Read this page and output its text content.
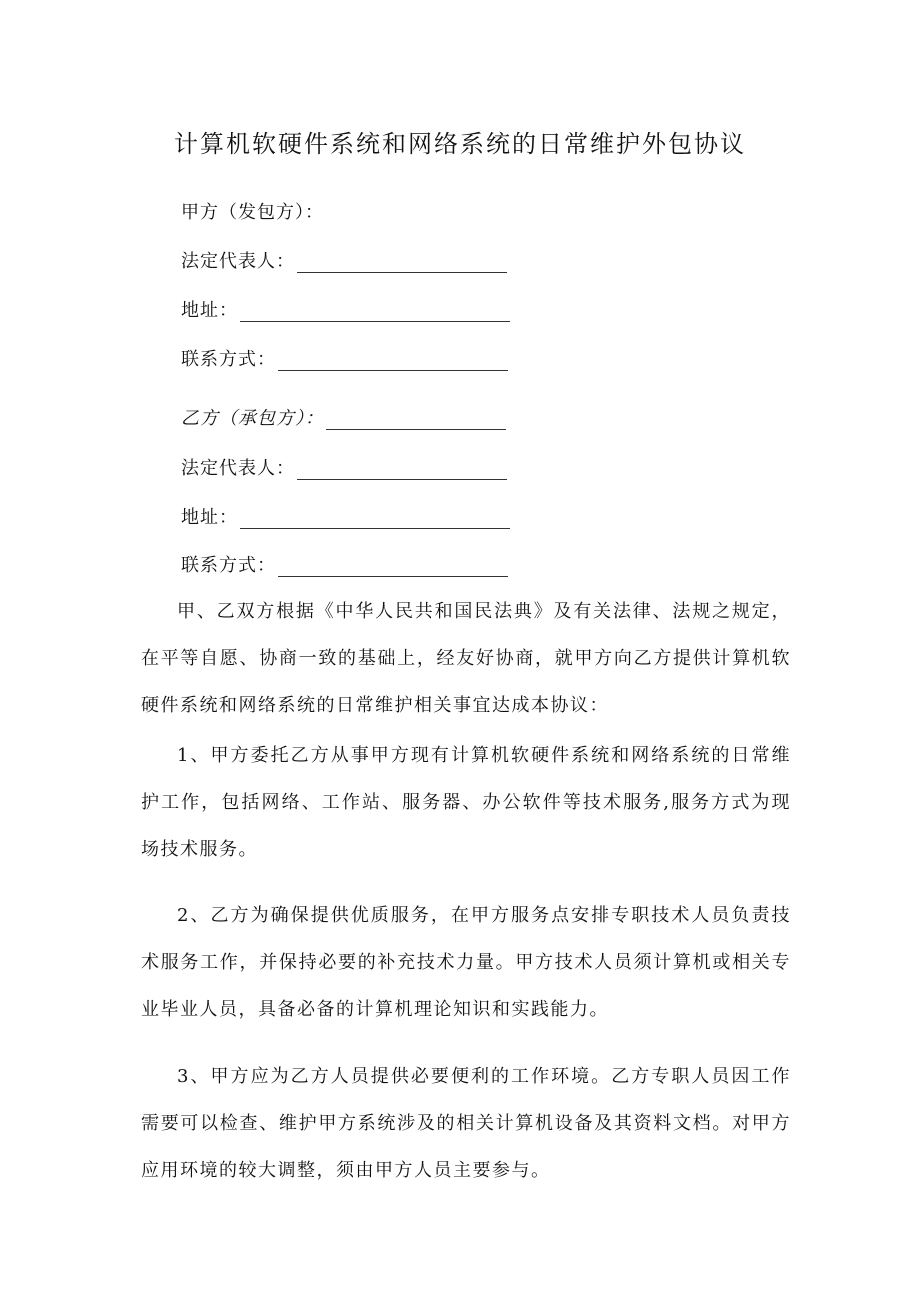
计算机软硬件系统和网络系统的日常维护外包协议
甲方（发包方）：
法定代表人：
地址：
联系方式：
乙方（承包方）：
法定代表人：
地址：
联系方式：

甲、乙双方根据《中华人民共和国民法典》及有关法律、法规之规定，在平等自愿、协商一致的基础上，经友好协商，就甲方向乙方提供计算机软硬件系统和网络系统的日常维护相关事宜达成本协议：

1、甲方委托乙方从事甲方现有计算机软硬件系统和网络系统的日常维护工作，包括网络、工作站、服务器、办公软件等技术服务,服务方式为现场技术服务。

2、乙方为确保提供优质服务，在甲方服务点安排专职技术人员负责技术服务工作，并保持必要的补充技术力量。甲方技术人员须计算机或相关专业毕业人员，具备必备的计算机理论知识和实践能力。

3、甲方应为乙方人员提供必要便利的工作环境。乙方专职人员因工作需要可以检查、维护甲方系统涉及的相关计算机设备及其资料文档。对甲方应用环境的较大调整，须由甲方人员主要参与。
